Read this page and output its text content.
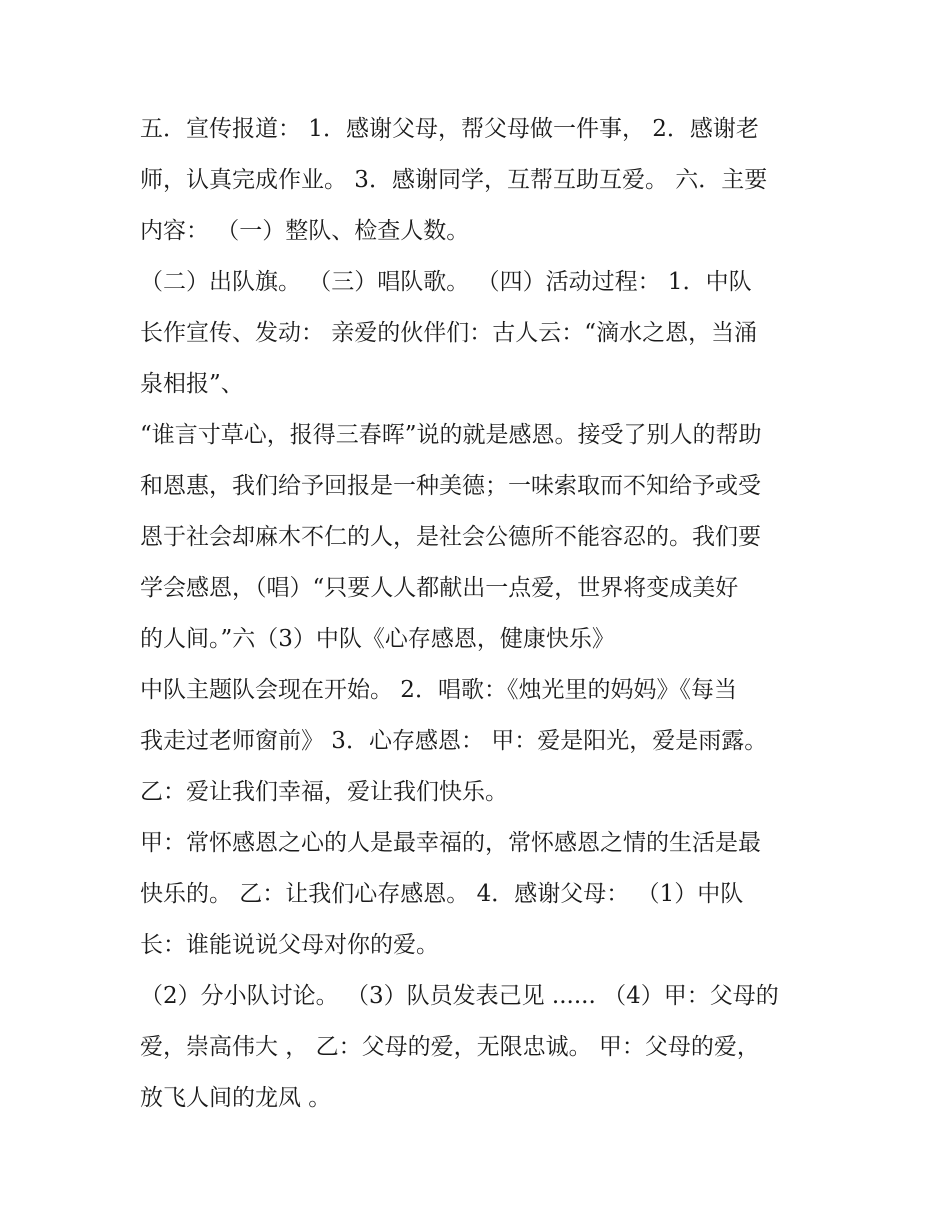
五．宣传报道： 1．感谢父母，帮父母做一件事， 2．感谢老
师，认真完成作业。 3．感谢同学，互帮互助互爱。 六．主要
内容： （一）整队、检查人数。
（二）出队旗。 （三）唱队歌。 （四）活动过程： 1．中队
长作宣传、发动： 亲爱的伙伴们：古人云：“滴水之恩，当涌
泉相报”、
“谁言寸草心，报得三春晖”说的就是感恩。接受了别人的帮助
和恩惠，我们给予回报是一种美德；一味索取而不知给予或受
恩于社会却麻木不仁的人，是社会公德所不能容忍的。我们要
学会感恩，（唱）“只要人人都献出一点爱，世界将变成美好
的人间。”六（3）中队《心存感恩，健康快乐》
中队主题队会现在开始。 2．唱歌：《烛光里的妈妈》《每当
我走过老师窗前》 3．心存感恩： 甲：爱是阳光，爱是雨露。
乙：爱让我们幸福，爱让我们快乐。
甲：常怀感恩之心的人是最幸福的，常怀感恩之情的生活是最
快乐的。 乙：让我们心存感恩。 4．感谢父母： （1）中队
长：谁能说说父母对你的爱。
（2）分小队讨论。 （3）队员发表己见 ...... （4）甲：父母的
爱，崇高伟大 ， 乙：父母的爱，无限忠诚。 甲：父母的爱，
放飞人间的龙凤 。
